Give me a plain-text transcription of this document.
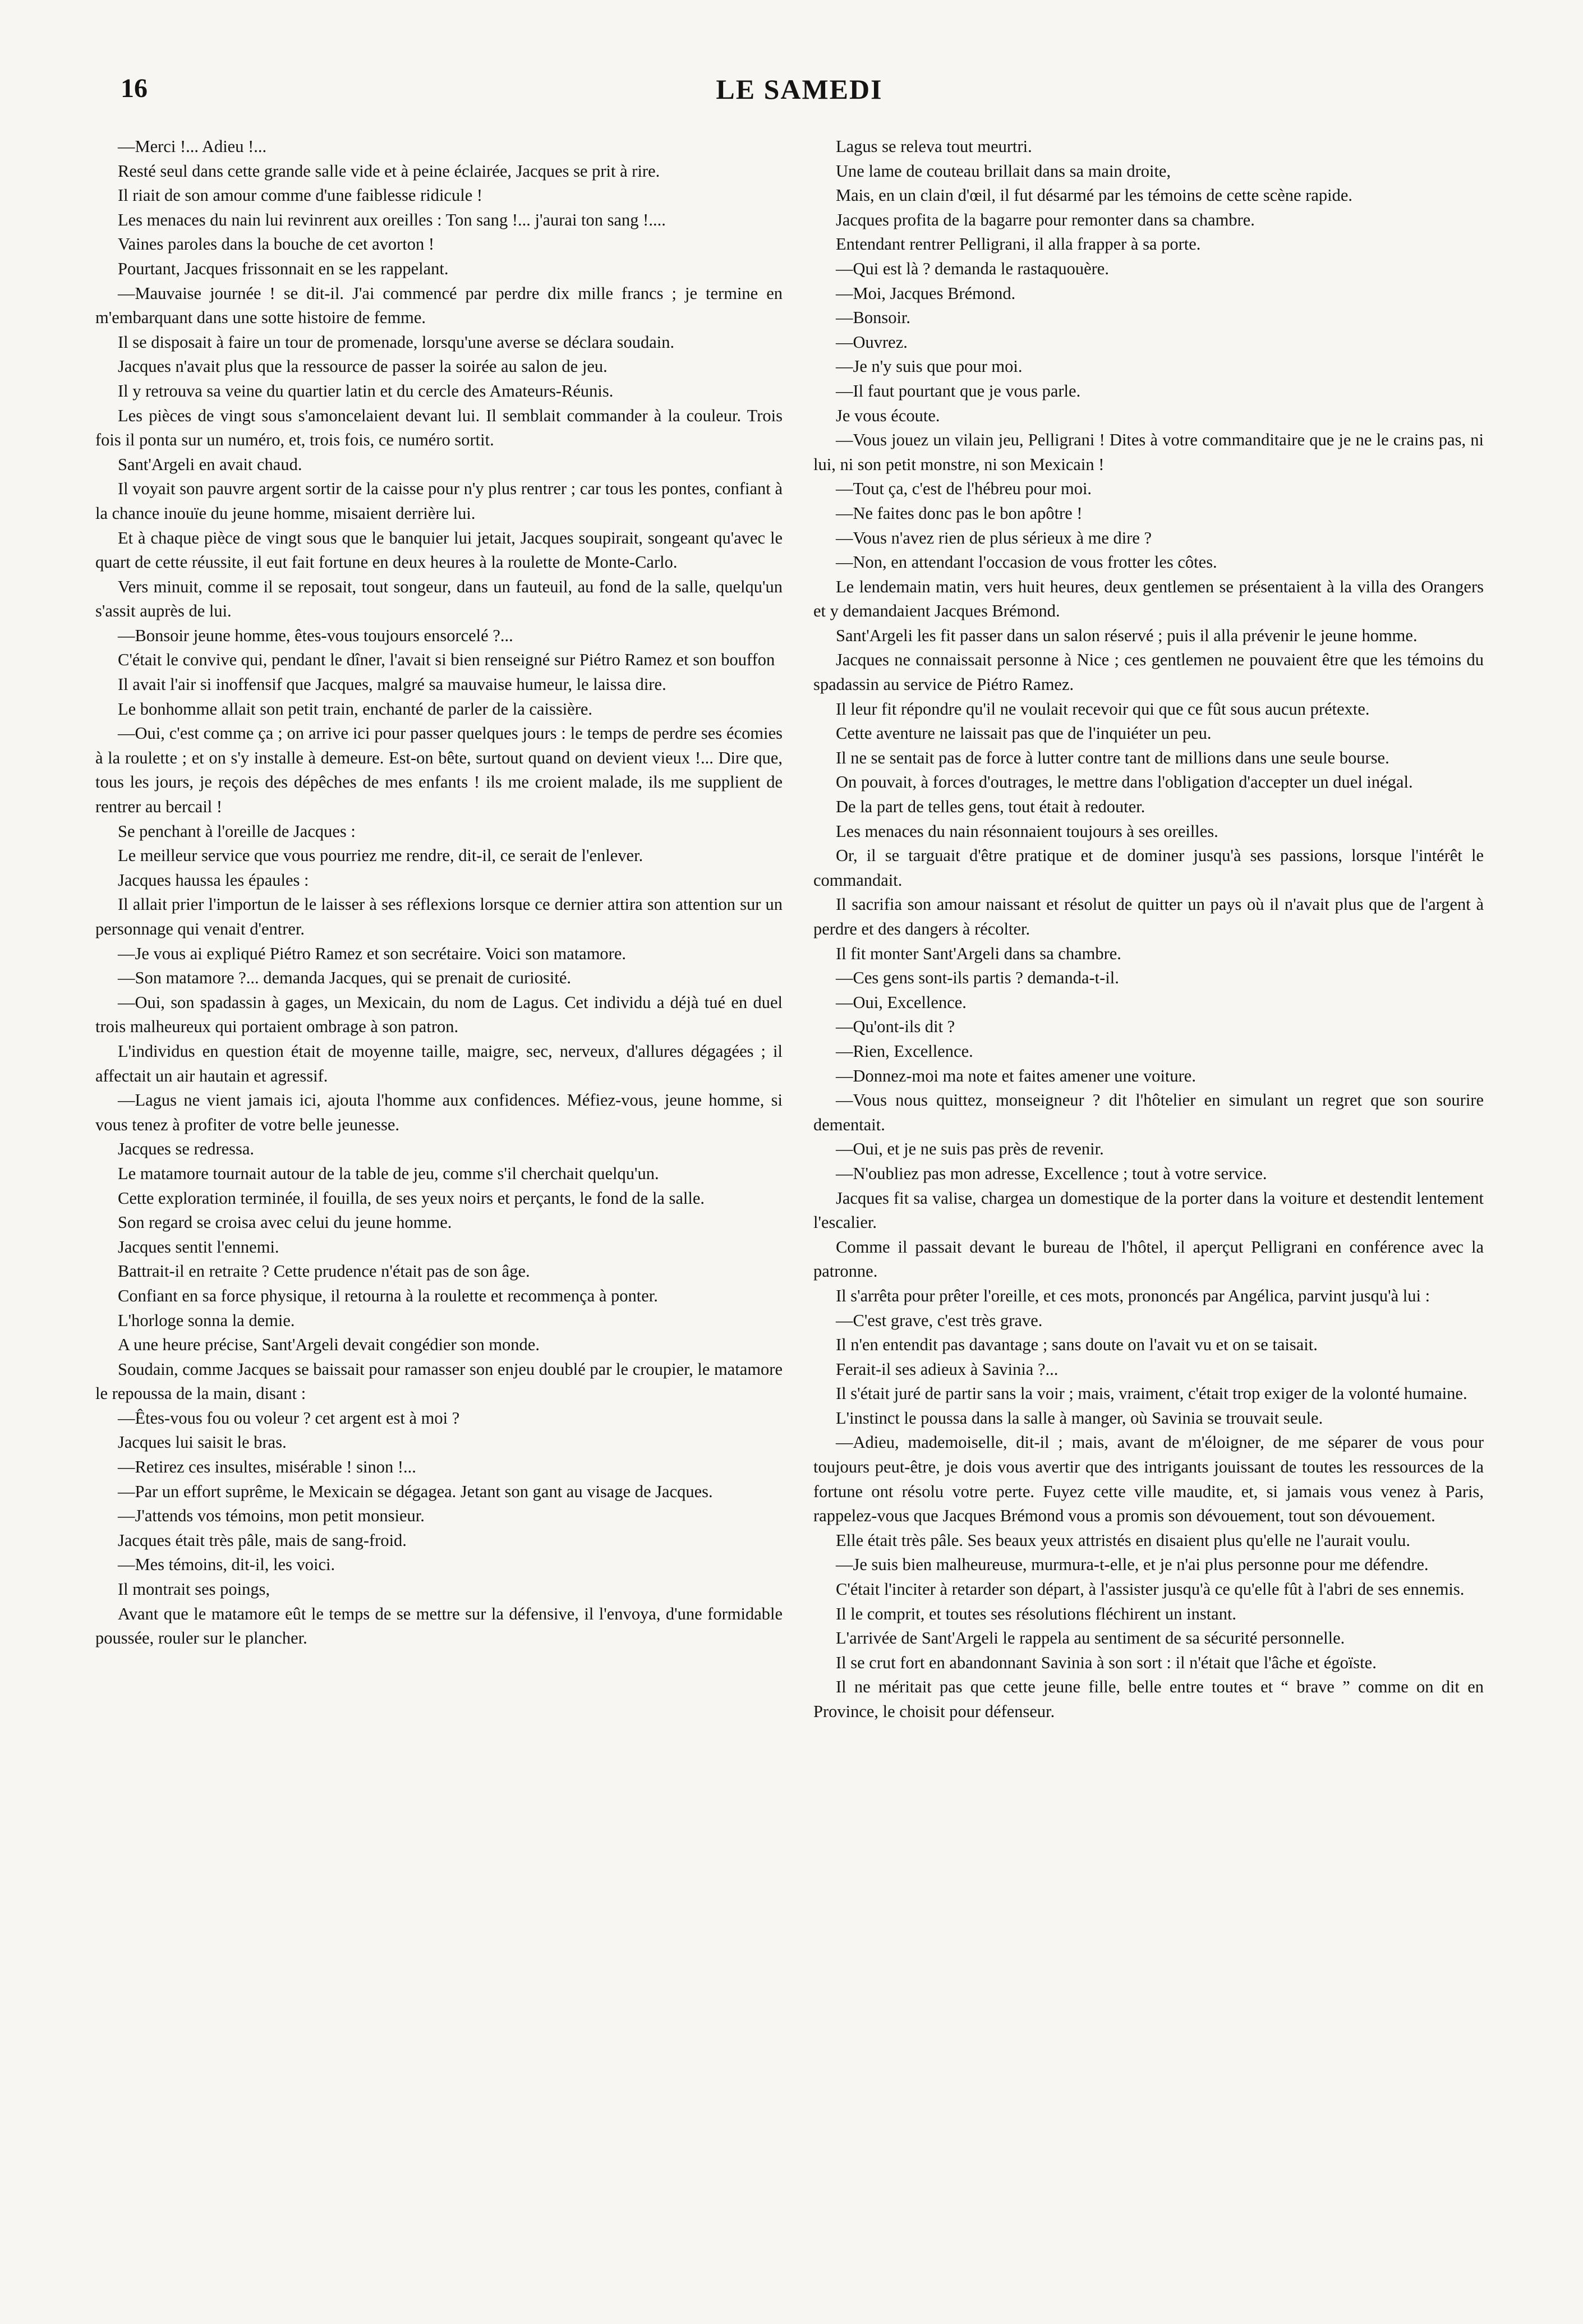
16	LE SAMEDI

—Merci !... Adieu !...

Resté seul dans cette grande salle vide et à peine éclairée, Jacques se prit à rire.

Il riait de son amour comme d'une faiblesse ridicule !

Les menaces du nain lui revinrent aux oreilles : Ton sang !... j'aurai ton sang !....

Vaines paroles dans la bouche de cet avorton !

Pourtant, Jacques frissonnait en se les rappelant.

—Mauvaise journée ! se dit-il. J'ai commencé par perdre dix mille francs ; je termine en m'embarquant dans une sotte histoire de femme.

Il se disposait à faire un tour de promenade, lorsqu'une averse se déclara soudain.

Jacques n'avait plus que la ressource de passer la soirée au salon de jeu.

Il y retrouva sa veine du quartier latin et du cercle des Amateurs-Réunis.

Les pièces de vingt sous s'amoncelaient devant lui. Il semblait commander à la couleur. Trois fois il ponta sur un numéro, et, trois fois, ce numéro sortit.

Sant'Argeli en avait chaud.

Il voyait son pauvre argent sortir de la caisse pour n'y plus rentrer ; car tous les pontes, confiant à la chance inouïe du jeune homme, misaient derrière lui.

Et à chaque pièce de vingt sous que le banquier lui jetait, Jacques soupirait, songeant qu'avec le quart de cette réussite, il eut fait fortune en deux heures à la roulette de Monte-Carlo.

Vers minuit, comme il se reposait, tout songeur, dans un fauteuil, au fond de la salle, quelqu'un s'assit auprès de lui.

—Bonsoir jeune homme, êtes-vous toujours ensorcelé ?...

C'était le convive qui, pendant le dîner, l'avait si bien renseigné sur Piétro Ramez et son bouffon

Il avait l'air si inoffensif que Jacques, malgré sa mauvaise humeur, le laissa dire.

Le bonhomme allait son petit train, enchanté de parler de la caissière.

—Oui, c'est comme ça ; on arrive ici pour passer quelques jours : le temps de perdre ses écomies à la roulette ; et on s'y installe à demeure. Est-on bête, surtout quand on devient vieux !... Dire que, tous les jours, je reçois des dépêches de mes enfants ! ils me croient malade, ils me supplient de rentrer au bercail !

Se penchant à l'oreille de Jacques :

Le meilleur service que vous pourriez me rendre, dit-il, ce serait de l'enlever.

Jacques haussa les épaules :

Il allait prier l'importun de le laisser à ses réflexions lorsque ce dernier attira son attention sur un personnage qui venait d'entrer.

—Je vous ai expliqué Piétro Ramez et son secrétaire. Voici son matamore.

—Son matamore ?... demanda Jacques, qui se prenait de curiosité.

—Oui, son spadassin à gages, un Mexicain, du nom de Lagus. Cet individu a déjà tué en duel trois malheureux qui portaient ombrage à son patron.

L'individus en question était de moyenne taille, maigre, sec, nerveux, d'allures dégagées ; il affectait un air hautain et agressif.

—Lagus ne vient jamais ici, ajouta l'homme aux confidences. Méfiez-vous, jeune homme, si vous tenez à profiter de votre belle jeunesse.

Jacques se redressa.

Le matamore tournait autour de la table de jeu, comme s'il cherchait quelqu'un.

Cette exploration terminée, il fouilla, de ses yeux noirs et perçants, le fond de la salle.

Son regard se croisa avec celui du jeune homme.

Jacques sentit l'ennemi.

Battrait-il en retraite ? Cette prudence n'était pas de son âge.

Confiant en sa force physique, il retourna à la roulette et recommença à ponter.

L'horloge sonna la demie.

A une heure précise, Sant'Argeli devait congédier son monde.

Soudain, comme Jacques se baissait pour ramasser son enjeu doublé par le croupier, le matamore le repoussa de la main, disant :

—Êtes-vous fou ou voleur ? cet argent est à moi ?

Jacques lui saisit le bras.

—Retirez ces insultes, misérable ! sinon !...

—Par un effort suprême, le Mexicain se dégagea. Jetant son gant au visage de Jacques.

—J'attends vos témoins, mon petit monsieur.

Jacques était très pâle, mais de sang-froid.

—Mes témoins, dit-il, les voici.

Il montrait ses poings,

Avant que le matamore eût le temps de se mettre sur la défensive, il l'envoya, d'une formidable poussée, rouler sur le plancher.

Lagus se releva tout meurtri.

Une lame de couteau brillait dans sa main droite,

Mais, en un clain d'œil, il fut désarmé par les témoins de cette scène rapide.

Jacques profita de la bagarre pour remonter dans sa chambre.

Entendant rentrer Pelligrani, il alla frapper à sa porte.

—Qui est là ? demanda le rastaquouère.

—Moi, Jacques Brémond.

—Bonsoir.

—Ouvrez.

—Je n'y suis que pour moi.

—Il faut pourtant que je vous parle.

Je vous écoute.

—Vous jouez un vilain jeu, Pelligrani ! Dites à votre commanditaire que je ne le crains pas, ni lui, ni son petit monstre, ni son Mexicain !

—Tout ça, c'est de l'hébreu pour moi.

—Ne faites donc pas le bon apôtre !

—Vous n'avez rien de plus sérieux à me dire ?

—Non, en attendant l'occasion de vous frotter les côtes.

Le lendemain matin, vers huit heures, deux gentlemen se présentaient à la villa des Orangers et y demandaient Jacques Brémond.

Sant'Argeli les fit passer dans un salon réservé ; puis il alla prévenir le jeune homme.

Jacques ne connaissait personne à Nice ; ces gentlemen ne pouvaient être que les témoins du spadassin au service de Piétro Ramez.

Il leur fit répondre qu'il ne voulait recevoir qui que ce fût sous aucun prétexte.

Cette aventure ne laissait pas que de l'inquiéter un peu.

Il ne se sentait pas de force à lutter contre tant de millions dans une seule bourse.

On pouvait, à forces d'outrages, le mettre dans l'obligation d'accepter un duel inégal.

De la part de telles gens, tout était à redouter.

Les menaces du nain résonnaient toujours à ses oreilles.

Or, il se targuait d'être pratique et de dominer jusqu'à ses passions, lorsque l'intérêt le commandait.

Il sacrifia son amour naissant et résolut de quitter un pays où il n'avait plus que de l'argent à perdre et des dangers à récolter.

Il fit monter Sant'Argeli dans sa chambre.

—Ces gens sont-ils partis ? demanda-t-il.

—Oui, Excellence.

—Qu'ont-ils dit ?

—Rien, Excellence.

—Donnez-moi ma note et faites amener une voiture.

—Vous nous quittez, monseigneur ? dit l'hôtelier en simulant un regret que son sourire dementait.

—Oui, et je ne suis pas près de revenir.

—N'oubliez pas mon adresse, Excellence ; tout à votre service.

Jacques fit sa valise, chargea un domestique de la porter dans la voiture et destendit lentement l'escalier.

Comme il passait devant le bureau de l'hôtel, il aperçut Pelligrani en conférence avec la patronne.

Il s'arrêta pour prêter l'oreille, et ces mots, prononcés par Angélica, parvint jusqu'à lui :

—C'est grave, c'est très grave.

Il n'en entendit pas davantage ; sans doute on l'avait vu et on se taisait.

Ferait-il ses adieux à Savinia ?...

Il s'était juré de partir sans la voir ; mais, vraiment, c'était trop exiger de la volonté humaine.

L'instinct le poussa dans la salle à manger, où Savinia se trouvait seule.

—Adieu, mademoiselle, dit-il ; mais, avant de m'éloigner, de me séparer de vous pour toujours peut-être, je dois vous avertir que des intrigants jouissant de toutes les ressources de la fortune ont résolu votre perte. Fuyez cette ville maudite, et, si jamais vous venez à Paris, rappelez-vous que Jacques Brémond vous a promis son dévouement, tout son dévouement.

Elle était très pâle. Ses beaux yeux attristés en disaient plus qu'elle ne l'aurait voulu.

—Je suis bien malheureuse, murmura-t-elle, et je n'ai plus personne pour me défendre.

C'était l'inciter à retarder son départ, à l'assister jusqu'à ce qu'elle fût à l'abri de ses ennemis.

Il le comprit, et toutes ses résolutions fléchirent un instant.

L'arrivée de Sant'Argeli le rappela au sentiment de sa sécurité personnelle.

Il se crut fort en abandonnant Savinia à son sort : il n'était que l'âche et égoïste.

Il ne méritait pas que cette jeune fille, belle entre toutes et “ brave ” comme on dit en Province, le choisit pour défenseur.
